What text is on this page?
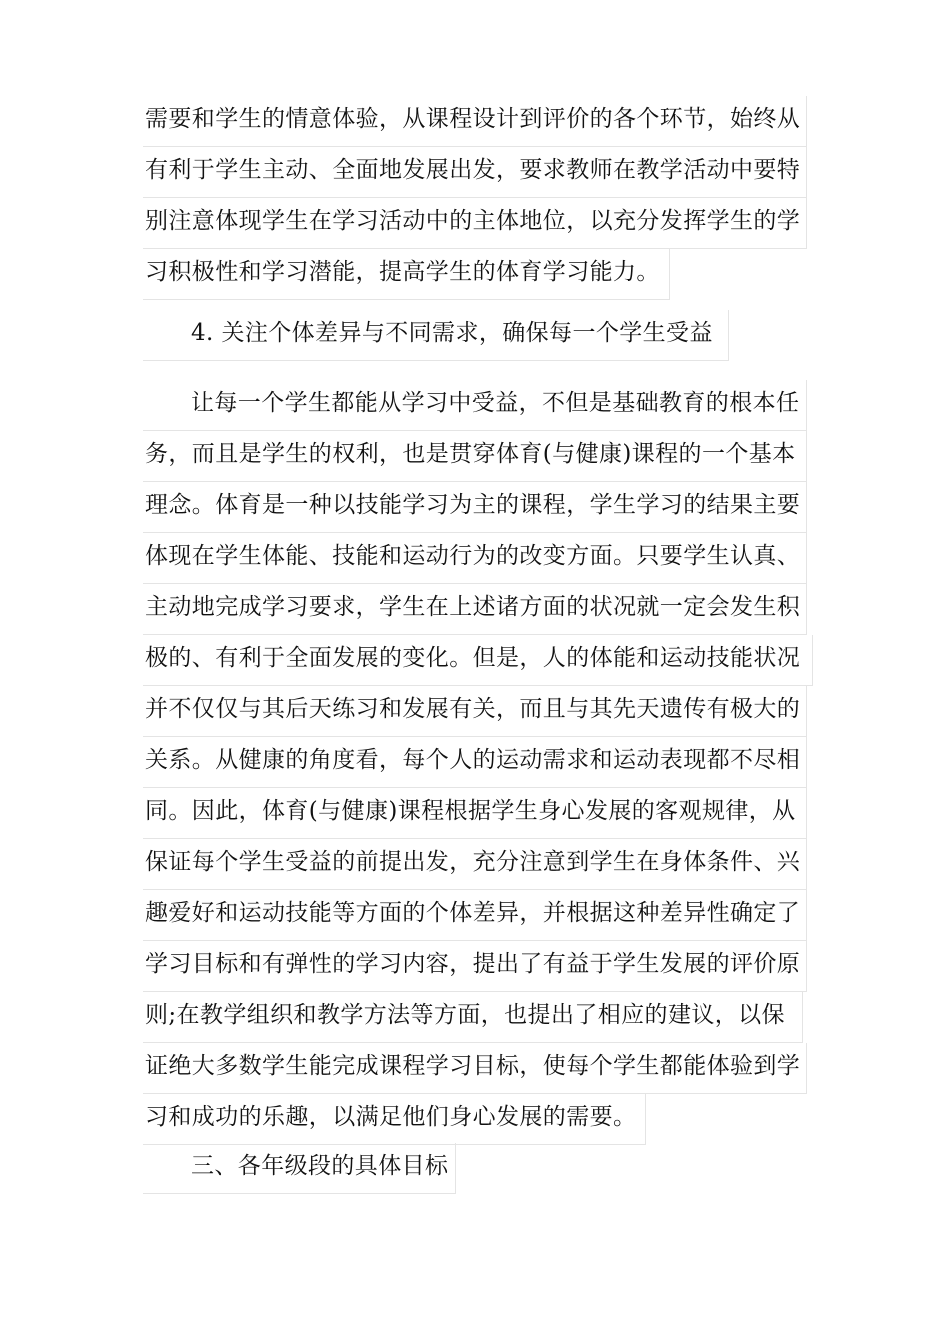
需要和学生的情意体验，从课程设计到评价的各个环节，始终从
有利于学生主动、全面地发展出发，要求教师在教学活动中要特
别注意体现学生在学习活动中的主体地位，以充分发挥学生的学
习积极性和学习潜能，提高学生的体育学习能力。
4. 关注个体差异与不同需求，确保每一个学生受益
让每一个学生都能从学习中受益，不但是基础教育的根本任
务，而且是学生的权利，也是贯穿体育(与健康)课程的一个基本
理念。体育是一种以技能学习为主的课程，学生学习的结果主要
体现在学生体能、技能和运动行为的改变方面。只要学生认真、
主动地完成学习要求，学生在上述诸方面的状况就一定会发生积
极的、有利于全面发展的变化。但是，人的体能和运动技能状况
并不仅仅与其后天练习和发展有关，而且与其先天遗传有极大的
关系。从健康的角度看，每个人的运动需求和运动表现都不尽相
同。因此，体育(与健康)课程根据学生身心发展的客观规律，从
保证每个学生受益的前提出发，充分注意到学生在身体条件、兴
趣爱好和运动技能等方面的个体差异，并根据这种差异性确定了
学习目标和有弹性的学习内容，提出了有益于学生发展的评价原
则;在教学组织和教学方法等方面，也提出了相应的建议，以保
证绝大多数学生能完成课程学习目标，使每个学生都能体验到学
习和成功的乐趣，以满足他们身心发展的需要。
三、各年级段的具体目标
